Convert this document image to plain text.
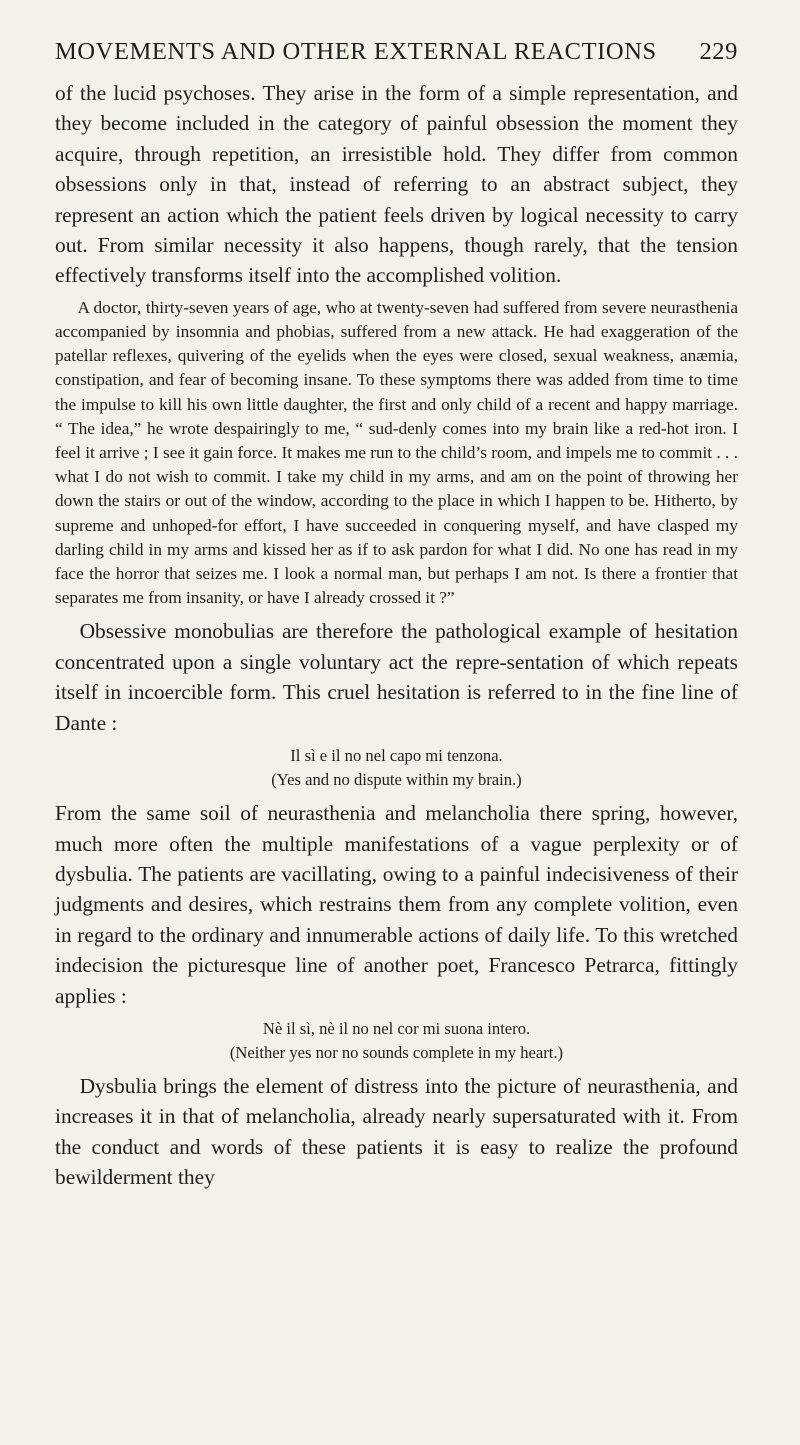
MOVEMENTS AND OTHER EXTERNAL REACTIONS 229

of the lucid psychoses. They arise in the form of a simple representation, and they become included in the category of painful obsession the moment they acquire, through repetition, an irresistible hold. They differ from common obsessions only in that, instead of referring to an abstract subject, they represent an action which the patient feels driven by logical necessity to carry out. From similar necessity it also happens, though rarely, that the tension effectively transforms itself into the accomplished volition.

A doctor, thirty-seven years of age, who at twenty-seven had suffered from severe neurasthenia accompanied by insomnia and phobias, suffered from a new attack. He had exaggeration of the patellar reflexes, quivering of the eyelids when the eyes were closed, sexual weakness, anæmia, constipation, and fear of becoming insane. To these symptoms there was added from time to time the impulse to kill his own little daughter, the first and only child of a recent and happy marriage. “ The idea,” he wrote despairingly to me, “ sud-denly comes into my brain like a red-hot iron. I feel it arrive ; I see it gain force. It makes me run to the child’s room, and impels me to commit . . . what I do not wish to commit. I take my child in my arms, and am on the point of throwing her down the stairs or out of the window, according to the place in which I happen to be. Hitherto, by supreme and unhoped-for effort, I have succeeded in conquering myself, and have clasped my darling child in my arms and kissed her as if to ask pardon for what I did. No one has read in my face the horror that seizes me. I look a normal man, but perhaps I am not. Is there a frontier that separates me from insanity, or have I already crossed it ?”

Obsessive monobulias are therefore the pathological example of hesitation concentrated upon a single voluntary act the repre-sentation of which repeats itself in incoercible form. This cruel hesitation is referred to in the fine line of Dante :

Il sì e il no nel capo mi tenzona.
(Yes and no dispute within my brain.)

From the same soil of neurasthenia and melancholia there spring, however, much more often the multiple manifestations of a vague perplexity or of dysbulia. The patients are vacillating, owing to a painful indecisiveness of their judgments and desires, which restrains them from any complete volition, even in regard to the ordinary and innumerable actions of daily life. To this wretched indecision the picturesque line of another poet, Francesco Petrarca, fittingly applies :

Nè il sì, nè il no nel cor mi suona intero.
(Neither yes nor no sounds complete in my heart.)

Dysbulia brings the element of distress into the picture of neurasthenia, and increases it in that of melancholia, already nearly supersaturated with it. From the conduct and words of these patients it is easy to realize the profound bewilderment they
